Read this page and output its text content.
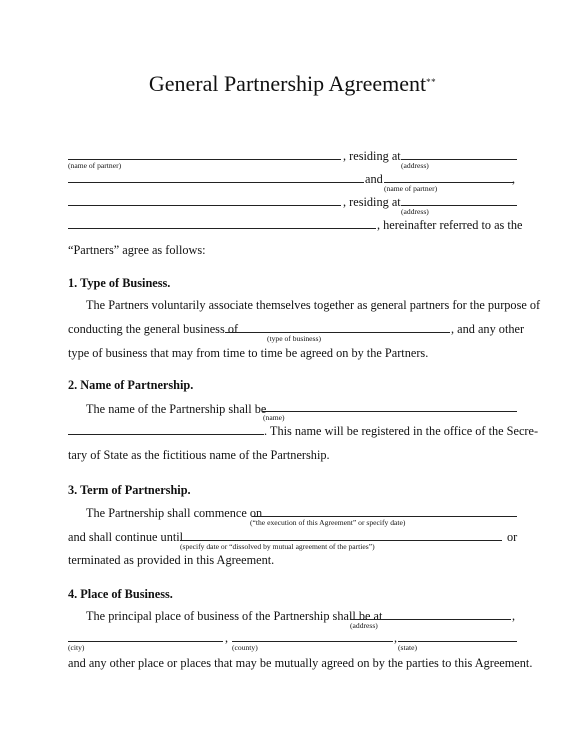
General Partnership Agreement**
, residing at
(name of partner)	(address)
and	,
(name of partner)
, residing at
(address)
, hereinafter referred to as the
“Partners” agree as follows:
1. Type of Business.
The Partners voluntarily associate themselves together as general partners for the purpose of
conducting the general business of	, and any other
(type of business)
type of business that may from time to time be agreed on by the Partners.
2. Name of Partnership.
The name of the Partnership shall be
(name)
. This name will be registered in the office of the Secre-
tary of State as the fictitious name of the Partnership.
3. Term of Partnership.
The Partnership shall commence on
(“the execution of this Agreement” or specify date)
and shall continue until	or
(specify date or “dissolved by mutual agreement of the parties”)
terminated as provided in this Agreement.
4. Place of Business.
The principal place of business of the Partnership shall be at	,
(address)
,	,
(city)	(county)	(state)
and any other place or places that may be mutually agreed on by the parties to this Agreement.
